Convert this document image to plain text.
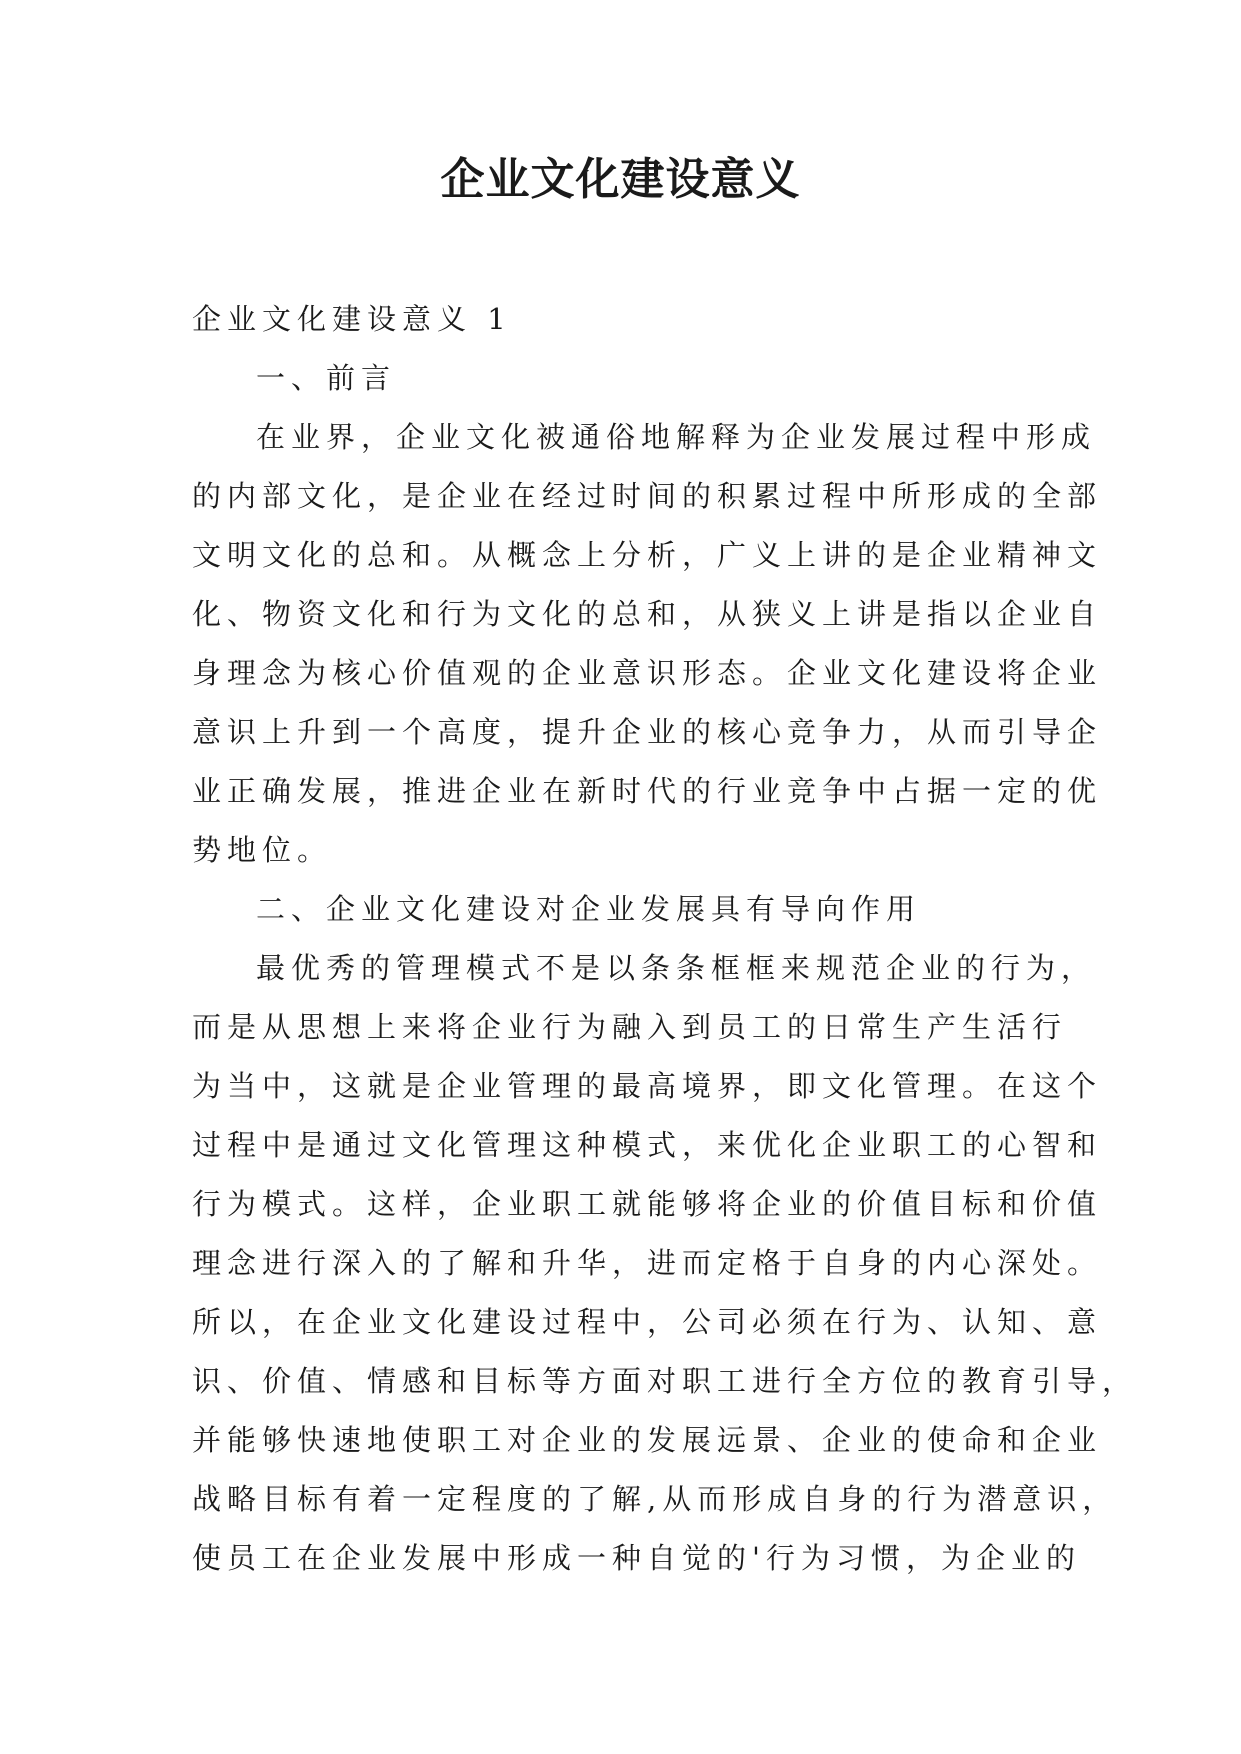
企业文化建设意义
企业文化建设意义 1
一、前言
在业界，企业文化被通俗地解释为企业发展过程中形成
的内部文化，是企业在经过时间的积累过程中所形成的全部
文明文化的总和。从概念上分析，广义上讲的是企业精神文
化、物资文化和行为文化的总和，从狭义上讲是指以企业自
身理念为核心价值观的企业意识形态。企业文化建设将企业
意识上升到一个高度，提升企业的核心竞争力，从而引导企
业正确发展，推进企业在新时代的行业竞争中占据一定的优
势地位。
二、企业文化建设对企业发展具有导向作用
最优秀的管理模式不是以条条框框来规范企业的行为，
而是从思想上来将企业行为融入到员工的日常生产生活行
为当中，这就是企业管理的最高境界，即文化管理。在这个
过程中是通过文化管理这种模式，来优化企业职工的心智和
行为模式。这样，企业职工就能够将企业的价值目标和价值
理念进行深入的了解和升华，进而定格于自身的内心深处。
所以，在企业文化建设过程中，公司必须在行为、认知、意
识、价值、情感和目标等方面对职工进行全方位的教育引导，
并能够快速地使职工对企业的发展远景、企业的使命和企业
战略目标有着一定程度的了解,从而形成自身的行为潜意识，
使员工在企业发展中形成一种自觉的'行为习惯，为企业的
